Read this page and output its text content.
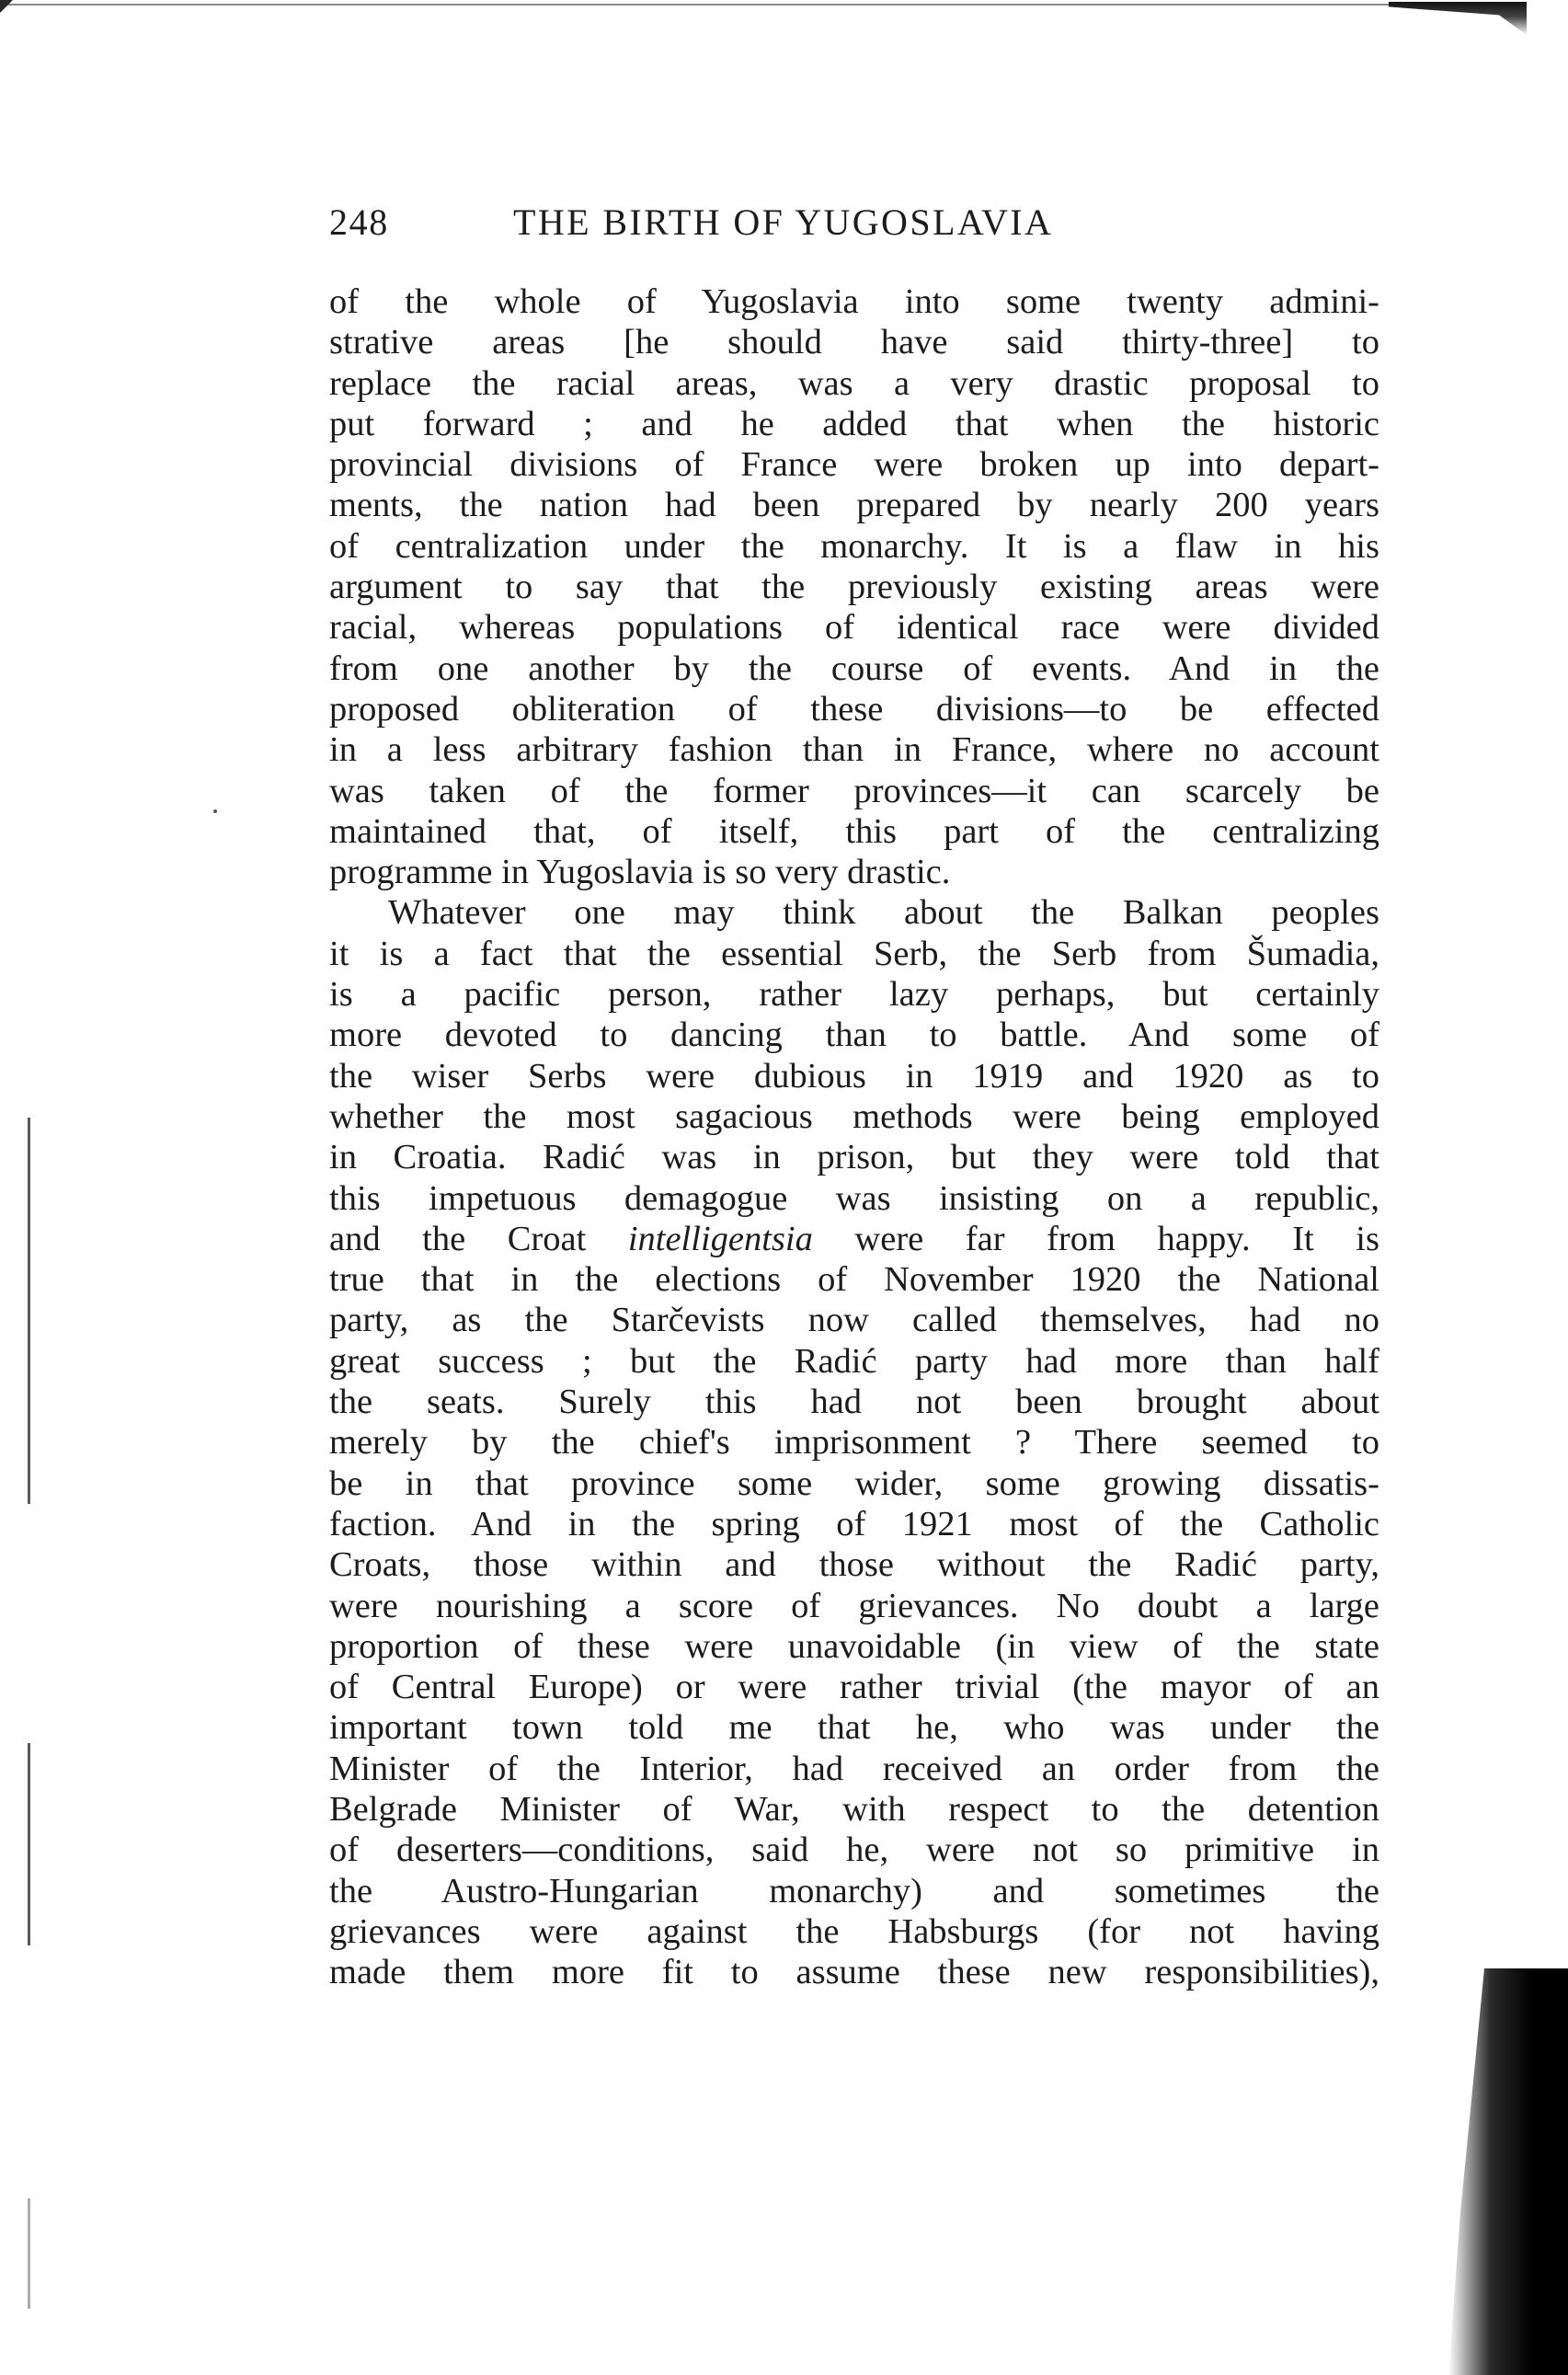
248	THE BIRTH OF YUGOSLAVIA
of the whole of Yugoslavia into some twenty admini-
strative areas [he should have said thirty-three] to
replace the racial areas, was a very drastic proposal to
put forward ; and he added that when the historic
provincial divisions of France were broken up into depart-
ments, the nation had been prepared by nearly 200 years
of centralization under the monarchy. It is a flaw in his
argument to say that the previously existing areas were
racial, whereas populations of identical race were divided
from one another by the course of events. And in the
proposed obliteration of these divisions—to be effected
in a less arbitrary fashion than in France, where no account
was taken of the former provinces—it can scarcely be
maintained that, of itself, this part of the centralizing
programme in Yugoslavia is so very drastic.
Whatever one may think about the Balkan peoples
it is a fact that the essential Serb, the Serb from Šumadia,
is a pacific person, rather lazy perhaps, but certainly
more devoted to dancing than to battle. And some of
the wiser Serbs were dubious in 1919 and 1920 as to
whether the most sagacious methods were being employed
in Croatia. Radić was in prison, but they were told that
this impetuous demagogue was insisting on a republic,
and the Croat intelligentsia were far from happy. It is
true that in the elections of November 1920 the National
party, as the Starčevists now called themselves, had no
great success ; but the Radić party had more than half
the seats. Surely this had not been brought about
merely by the chief's imprisonment ? There seemed to
be in that province some wider, some growing dissatis-
faction. And in the spring of 1921 most of the Catholic
Croats, those within and those without the Radić party,
were nourishing a score of grievances. No doubt a large
proportion of these were unavoidable (in view of the state
of Central Europe) or were rather trivial (the mayor of an
important town told me that he, who was under the
Minister of the Interior, had received an order from the
Belgrade Minister of War, with respect to the detention
of deserters—conditions, said he, were not so primitive in
the Austro-Hungarian monarchy) and sometimes the
grievances were against the Habsburgs (for not having
made them more fit to assume these new responsibilities),
